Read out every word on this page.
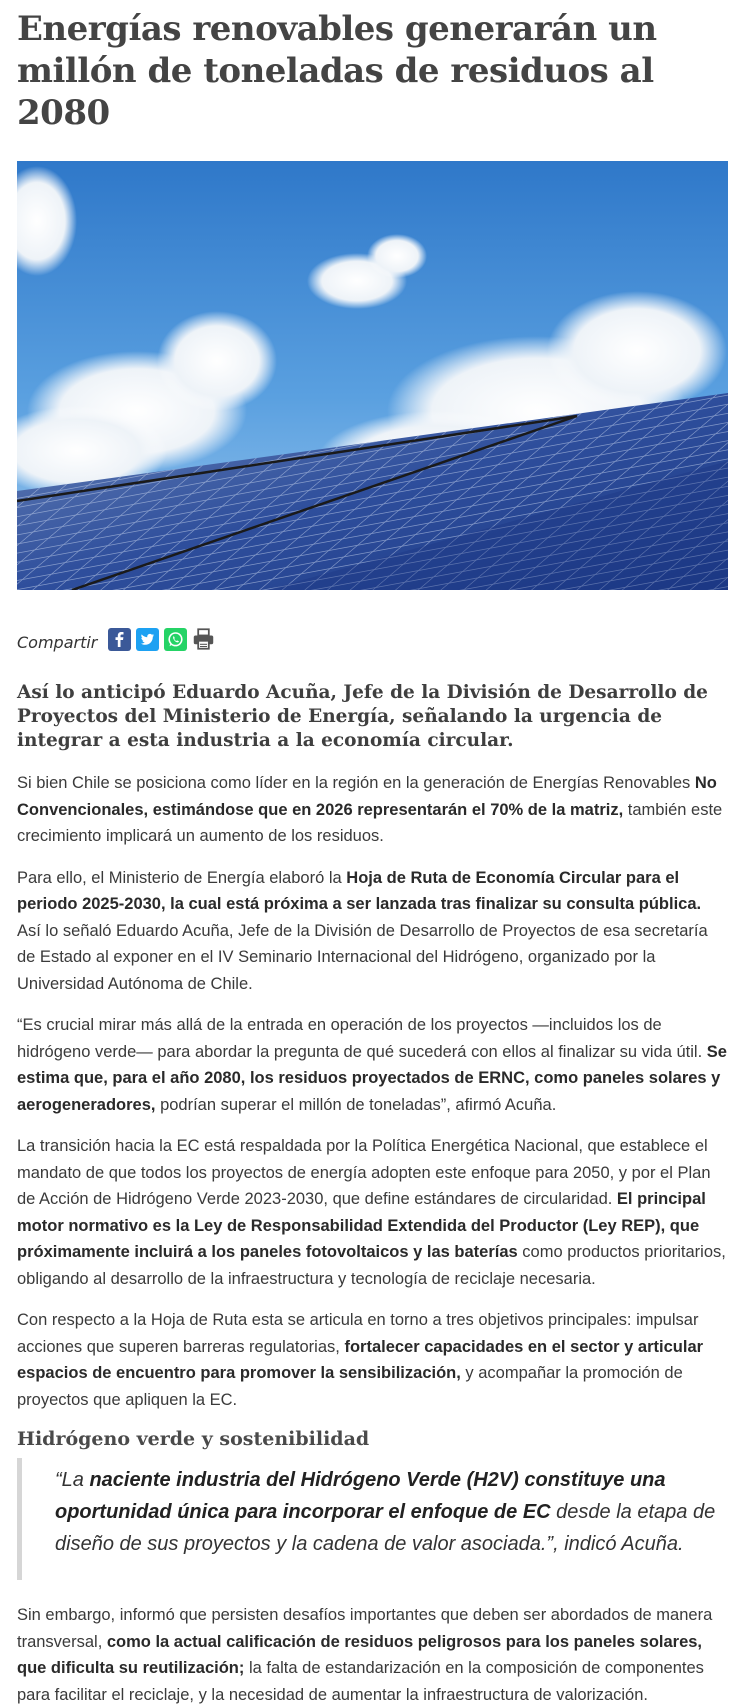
Energías renovables generarán un millón de toneladas de residuos al 2080
Compartir

Así lo anticipó Eduardo Acuña, Jefe de la División de Desarrollo de Proyectos del Ministerio de Energía, señalando la urgencia de integrar a esta industria a la economía circular.

Si bien Chile se posiciona como líder en la región en la generación de Energías Renovables No Convencionales, estimándose que en 2026 representarán el 70% de la matriz, también este crecimiento implicará un aumento de los residuos.

Para ello, el Ministerio de Energía elaboró la Hoja de Ruta de Economía Circular para el periodo 2025-2030, la cual está próxima a ser lanzada tras finalizar su consulta pública. Así lo señaló Eduardo Acuña, Jefe de la División de Desarrollo de Proyectos de esa secretaría de Estado al exponer en el IV Seminario Internacional del Hidrógeno, organizado por la Universidad Autónoma de Chile.

“Es crucial mirar más allá de la entrada en operación de los proyectos —incluidos los de hidrógeno verde— para abordar la pregunta de qué sucederá con ellos al finalizar su vida útil. Se estima que, para el año 2080, los residuos proyectados de ERNC, como paneles solares y aerogeneradores, podrían superar el millón de toneladas”, afirmó Acuña.

La transición hacia la EC está respaldada por la Política Energética Nacional, que establece el mandato de que todos los proyectos de energía adopten este enfoque para 2050, y por el Plan de Acción de Hidrógeno Verde 2023-2030, que define estándares de circularidad. El principal motor normativo es la Ley de Responsabilidad Extendida del Productor (Ley REP), que próximamente incluirá a los paneles fotovoltaicos y las baterías como productos prioritarios, obligando al desarrollo de la infraestructura y tecnología de reciclaje necesaria.

Con respecto a la Hoja de Ruta esta se articula en torno a tres objetivos principales: impulsar acciones que superen barreras regulatorias, fortalecer capacidades en el sector y articular espacios de encuentro para promover la sensibilización, y acompañar la promoción de proyectos que apliquen la EC.

Hidrógeno verde y sostenibilidad
“La naciente industria del Hidrógeno Verde (H2V) constituye una oportunidad única para incorporar el enfoque de EC desde la etapa de diseño de sus proyectos y la cadena de valor asociada.”, indicó Acuña.

Sin embargo, informó que persisten desafíos importantes que deben ser abordados de manera transversal, como la actual calificación de residuos peligrosos para los paneles solares, que dificulta su reutilización; la falta de estandarización en la composición de componentes para facilitar el reciclaje, y la necesidad de aumentar la infraestructura de valorización.
